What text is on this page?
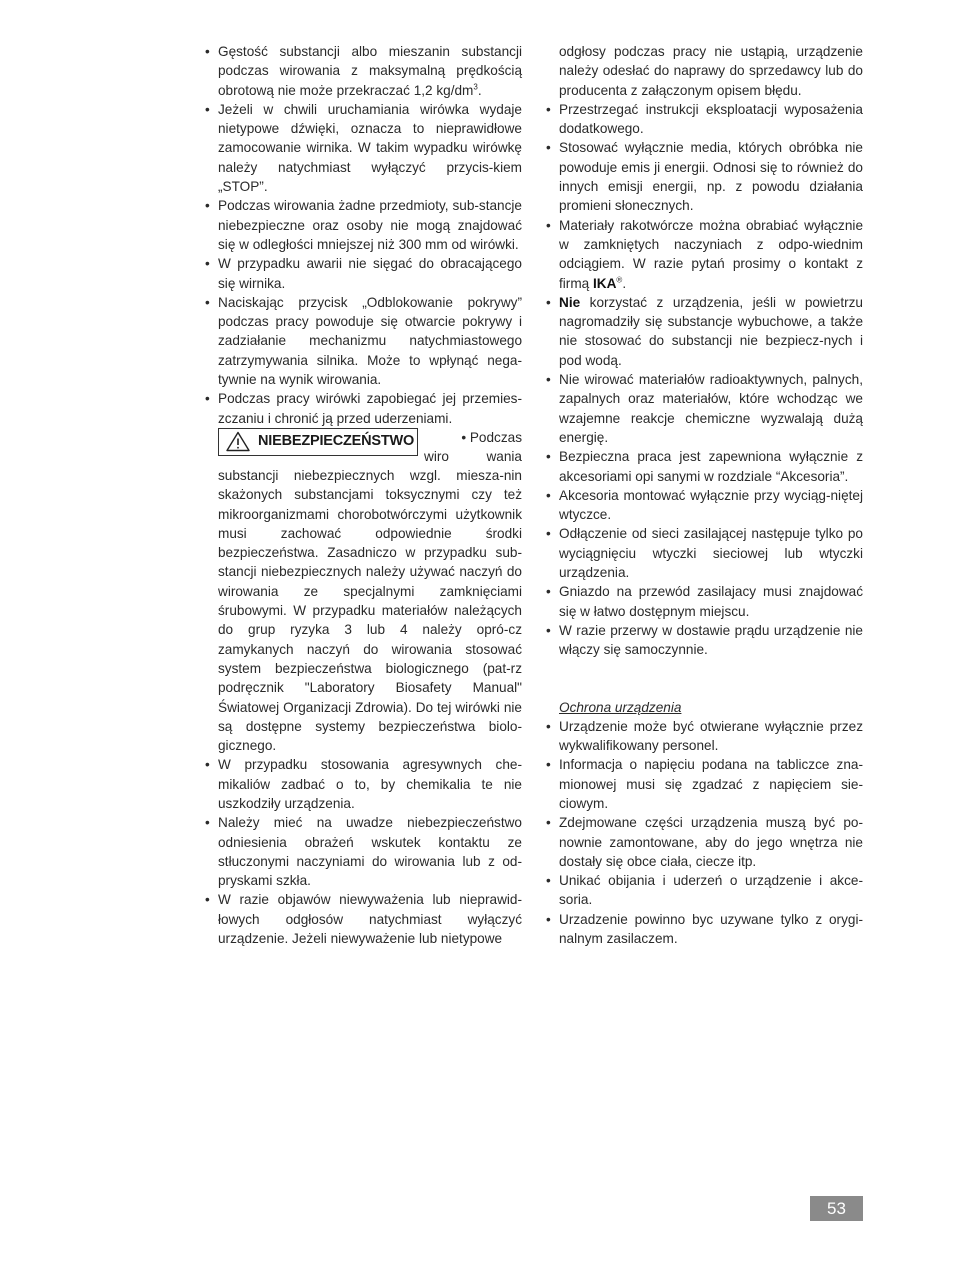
• Gęstość substancji albo mieszanin substancji podczas wirowania z maksymalną prędkością obrotową nie może przekraczać 1,2 $kg/dm^3$.
• Jeżeli w chwili uruchamiania wirówka wydaje nietypowe dźwięki, oznacza to nieprawidłowe zamocowanie wirnika. W takim wypadku wirówkę należy natychmiast wyłączyć przycis-kiem „STOP”.
• Podczas wirowania żadne przedmioty, sub-stancje niebezpieczne oraz osoby nie mogą znajdować się w odległości mniejszej niż 300 mm od wirówki.
• W przypadku awarii nie sięgać do obracającego się wirnika.
• Naciskając przycisk „Odblokowanie pokrywy” podczas pracy powoduje się otwarcie pokrywy i zadziałanie mechanizmu natychmiastowego zatrzymywania silnika. Może to wpłynąć nega-tywnie na wynik wirowania.
• Podczas pracy wirówki zapobiegać jej przemies-zczaniu i chronić ją przed uderzeniami.
NIEBEZPIECZEŃSTWO	• Podczas
wiro	wania
substancji niebezpiecznych wzgl. miesza-nin skażonych substancjami toksycznymi czy też mikroorganizmami chorobotwórczymi użytkownik musi zachować odpowiednie środki bezpieczeństwa. Zasadniczo w przypadku sub-stancji niebezpiecznych należy używać naczyń do wirowania ze specjalnymi zamknięciami śrubowymi. W przypadku materiałów należących do grup ryzyka 3 lub 4 należy opró-cz zamykanych naczyń do wirowania stosować system bezpieczeństwa biologicznego (pat-rz podręcznik "Laboratory Biosafety Manual" Światowej Organizacji Zdrowia). Do tej wirówki nie są dostępne systemy bezpieczeństwa biolo-gicznego.
• W przypadku stosowania agresywnych che-mikaliów zadbać o to, by chemikalia te nie uszkodziły urządzenia.
• Należy mieć na uwadze niebezpieczeństwo odniesienia obrażeń wskutek kontaktu ze stłuczonymi naczyniami do wirowania lub z od-pryskami szkła.
• W razie objawów niewyważenia lub nieprawid-łowych odgłosów natychmiast wyłączyć urządzenie. Jeżeli niewyważenie lub nietypowe
odgłosy podczas pracy nie ustąpią, urządzenie należy odesłać do naprawy do sprzedawcy lub do producenta z załączonym opisem błędu.
• Przestrzegać instrukcji eksploatacji wyposażenia dodatkowego.
• Stosować wyłącznie media, których obróbka nie powoduje emis ji energii. Odnosi się to również do innych emisji energii, np. z powodu działania promieni słonecznych.
• Materiały rakotwórcze można obrabiać wyłącznie w zamkniętych naczyniach z odpo-wiednim odciągiem. W razie pytań prosimy o kontakt z firmą IKA®.
• Nie korzystać z urządzenia, jeśli w powietrzu nagromadziły się substancje wybuchowe, a także nie stosować do substancji nie bezpiecz-nych i pod wodą.
• Nie wirować materiałów radioaktywnych, palnych, zapalnych oraz materiałów, które wchodząc we wzajemne reakcje chemiczne wyzwalają dużą energię.
• Bezpieczna praca jest zapewniona wyłącznie z akcesoriami opi sanymi w rozdziale “Akcesoria”.
• Akcesoria montować wyłącznie przy wyciąg-niętej wtyczce.
• Odłączenie od sieci zasilającej następuje tylko po wyciągnięciu wtyczki sieciowej lub wtyczki urządzenia.
• Gniazdo na przewód zasilajacy musi znajdować się w łatwo dostępnym miejscu.
• W razie przerwy w dostawie prądu urządzenie nie włączy się samoczynnie.
Ochrona urządzenia
• Urządzenie może być otwierane wyłącznie przez wykwalifikowany personel.
• Informacja o napięciu podana na tabliczce zna-mionowej musi się zgadzać z napięciem sie-ciowym.
• Zdejmowane części urządzenia muszą być po-nownie zamontowane, aby do jego wnętrza nie dostały się obce ciała, ciecze itp.
• Unikać obijania i uderzeń o urządzenie i akce-soria.
• Urzadzenie powinno byc uzywane tylko z orygi-nalnym zasilaczem.
53
